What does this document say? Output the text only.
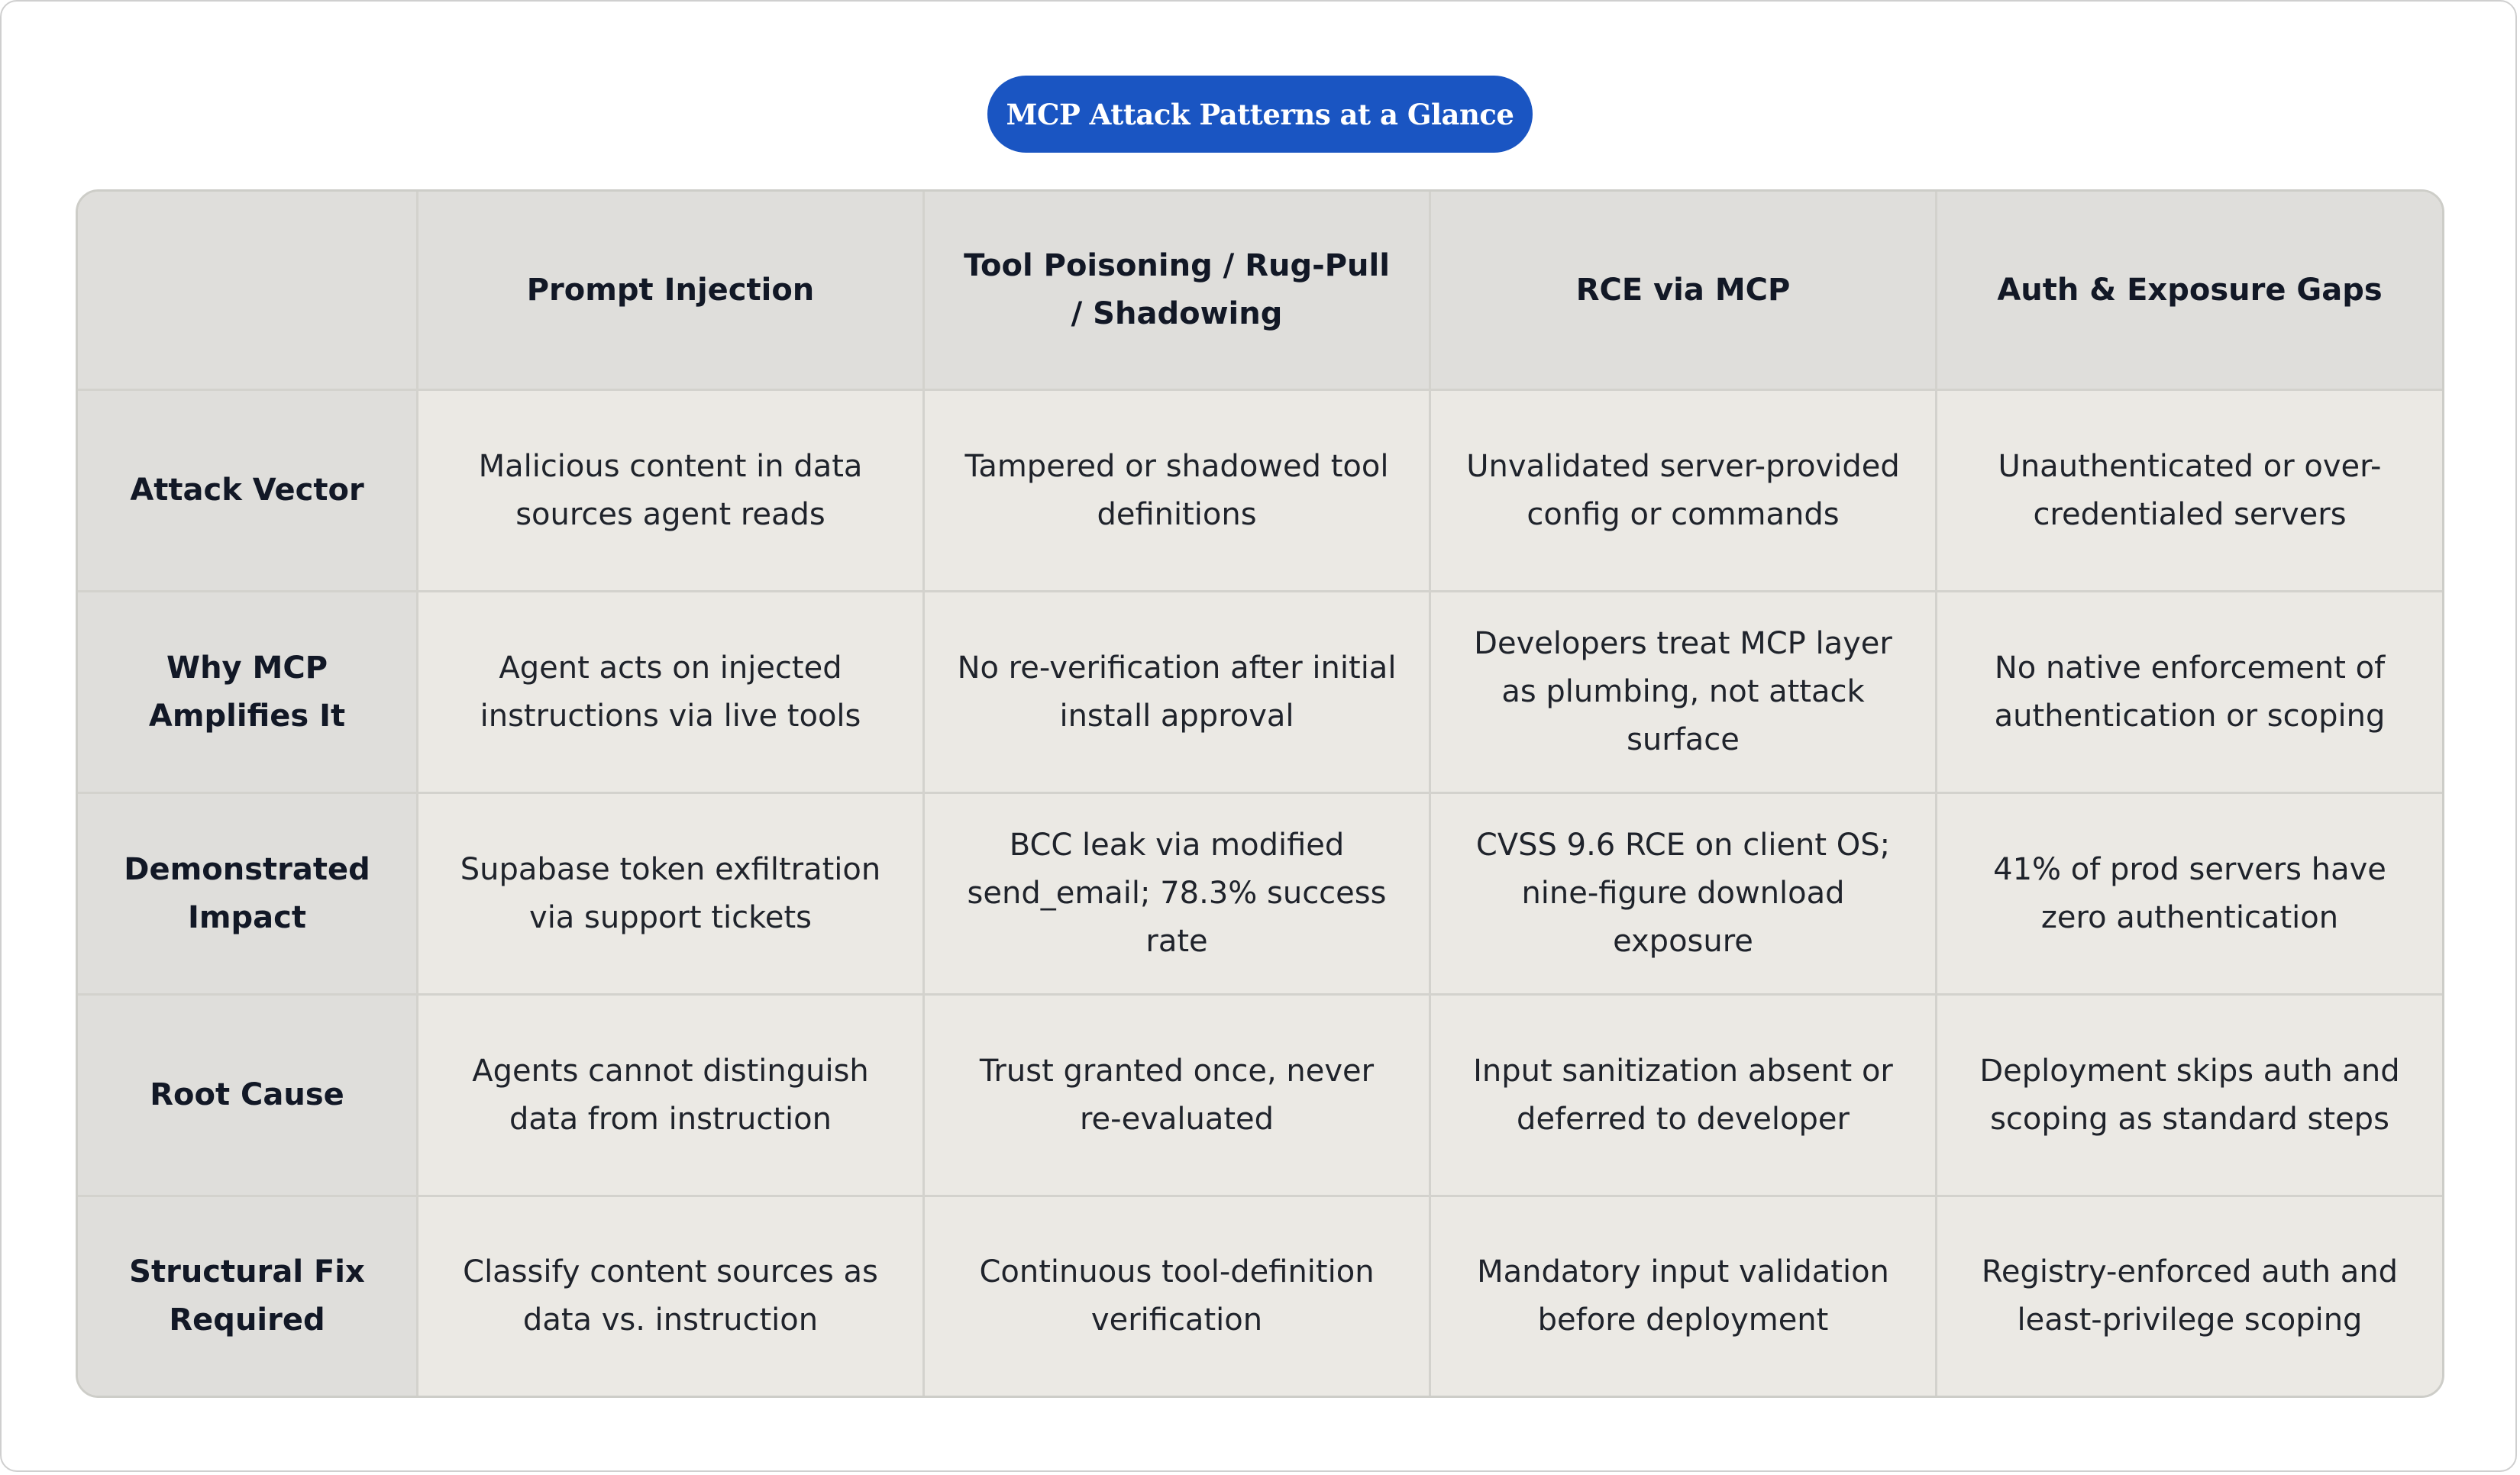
MCP Attack Patterns at a Glance
Prompt Injection
Tool Poisoning / Rug-Pull / Shadowing
RCE via MCP	Auth & Exposure Gaps
Attack Vector
Malicious content in data sources agent reads
Tampered or shadowed tool definitions
Unvalidated server-provided config or commands
Unauthenticated or over-credentialed servers
Why MCP Amplifies It
Agent acts on injected instructions via live tools
No re-verification after initial install approval
Developers treat MCP layer as plumbing, not attack surface
No native enforcement of authentication or scoping
Demonstrated Impact
Supabase token exfiltration via support tickets
BCC leak via modified send_email; 78.3% success rate
CVSS 9.6 RCE on client OS; nine-figure download exposure
41% of prod servers have zero authentication
Root Cause
Agents cannot distinguish data from instruction
Trust granted once, never re-evaluated
Input sanitization absent or deferred to developer
Deployment skips auth and scoping as standard steps
Structural Fix Required
Classify content sources as data vs. instruction
Continuous tool-definition verification
Mandatory input validation before deployment
Registry-enforced auth and least-privilege scoping
